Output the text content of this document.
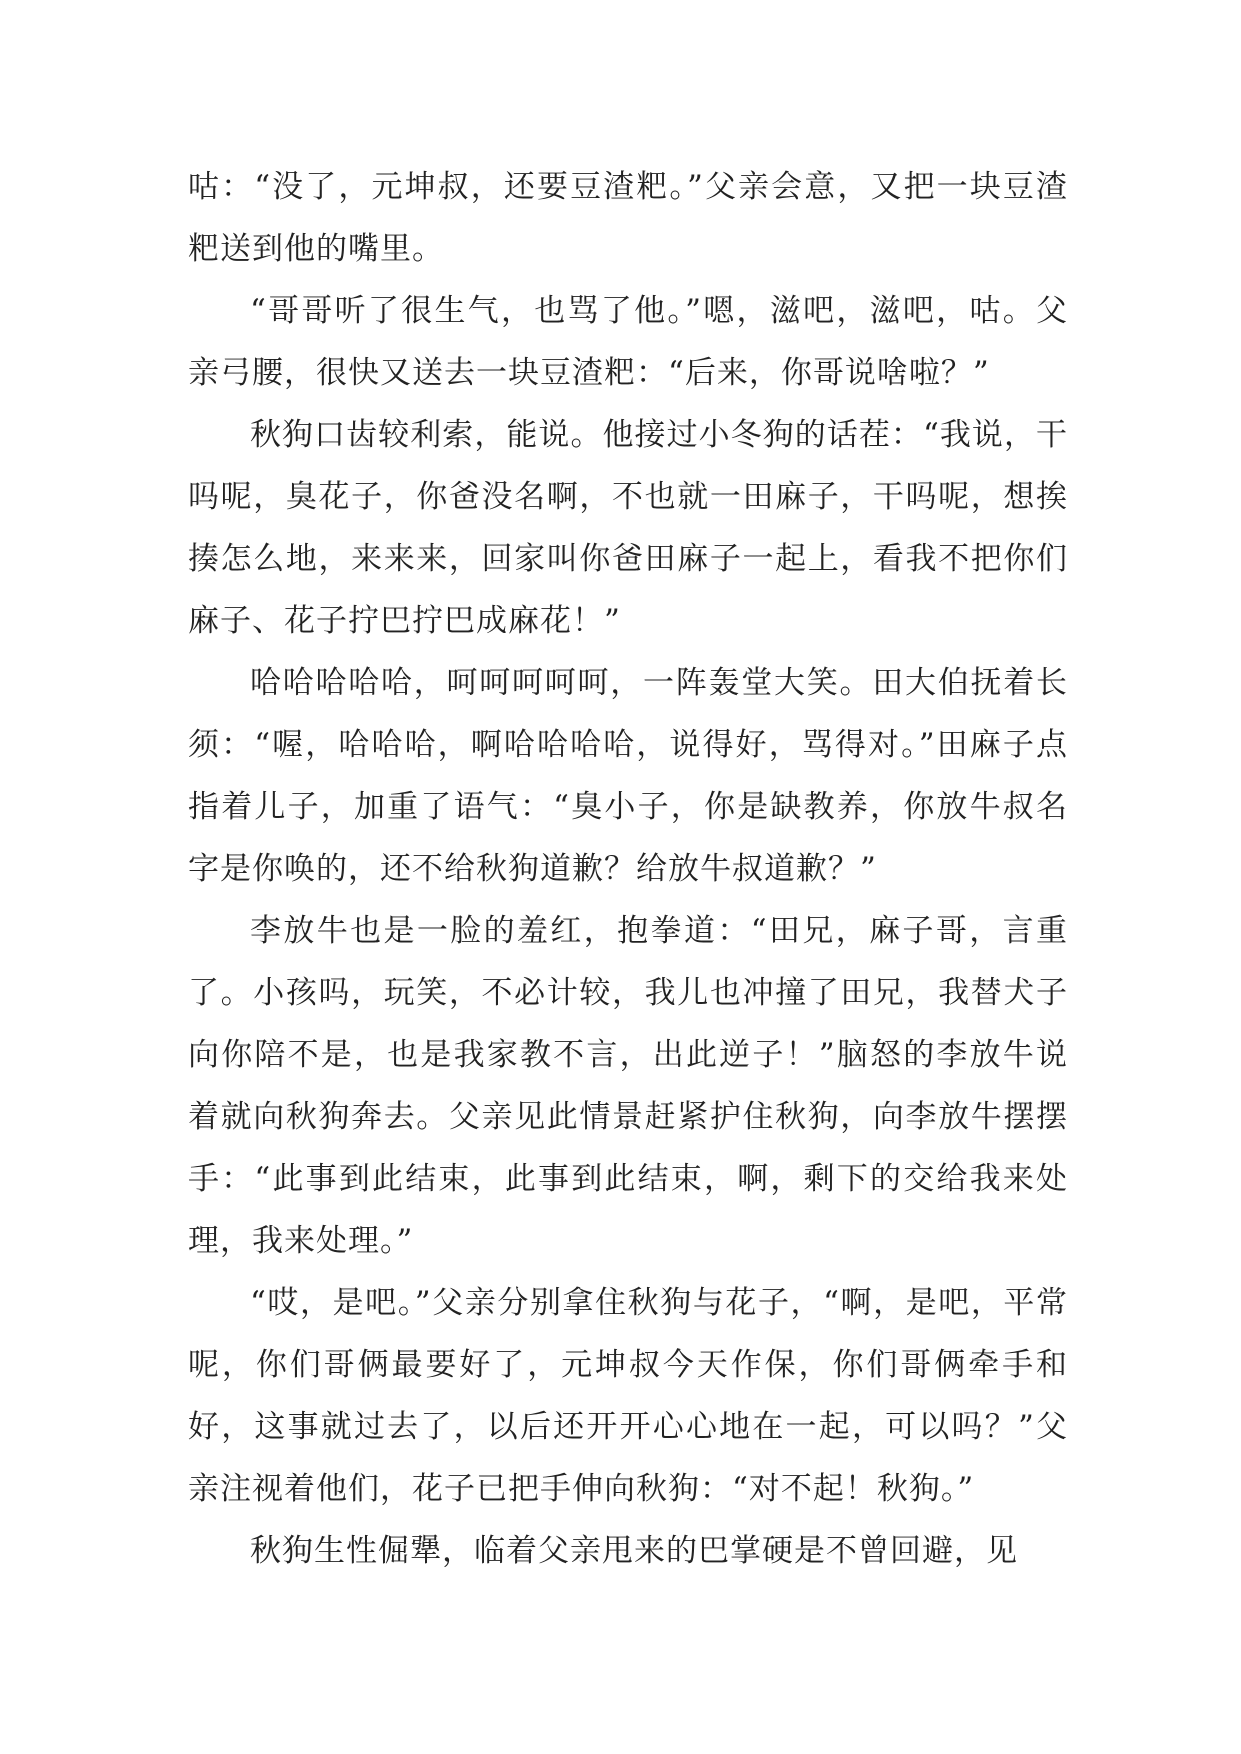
咕：“没了，元坤叔，还要豆渣粑。”父亲会意，又把一块豆渣粑送到他的嘴里。

“哥哥听了很生气，也骂了他。”嗯，滋吧，滋吧，咕。父亲弓腰，很快又送去一块豆渣粑：“后来，你哥说啥啦？”

秋狗口齿较利索，能说。他接过小冬狗的话茬：“我说，干吗呢，臭花子，你爸没名啊，不也就一田麻子，干吗呢，想挨揍怎么地，来来来，回家叫你爸田麻子一起上，看我不把你们麻子、花子拧巴拧巴成麻花！”

哈哈哈哈哈，呵呵呵呵呵，一阵轰堂大笑。田大伯抚着长须：“喔，哈哈哈，啊哈哈哈哈，说得好，骂得对。”田麻子点指着儿子，加重了语气：“臭小子，你是缺教养，你放牛叔名字是你唤的，还不给秋狗道歉？给放牛叔道歉？”

李放牛也是一脸的羞红，抱拳道：“田兄，麻子哥，言重了。小孩吗，玩笑，不必计较，我儿也冲撞了田兄，我替犬子向你陪不是，也是我家教不言，出此逆子！”脑怒的李放牛说着就向秋狗奔去。父亲见此情景赶紧护住秋狗，向李放牛摆摆手：“此事到此结束，此事到此结束，啊，剩下的交给我来处理，我来处理。”

“哎，是吧。”父亲分别拿住秋狗与花子，“啊，是吧，平常呢，你们哥俩最要好了，元坤叔今天作保，你们哥俩牵手和好，这事就过去了，以后还开开心心地在一起，可以吗？”父亲注视着他们，花子已把手伸向秋狗：“对不起！秋狗。”

秋狗生性倔犟，临着父亲甩来的巴掌硬是不曾回避，见
